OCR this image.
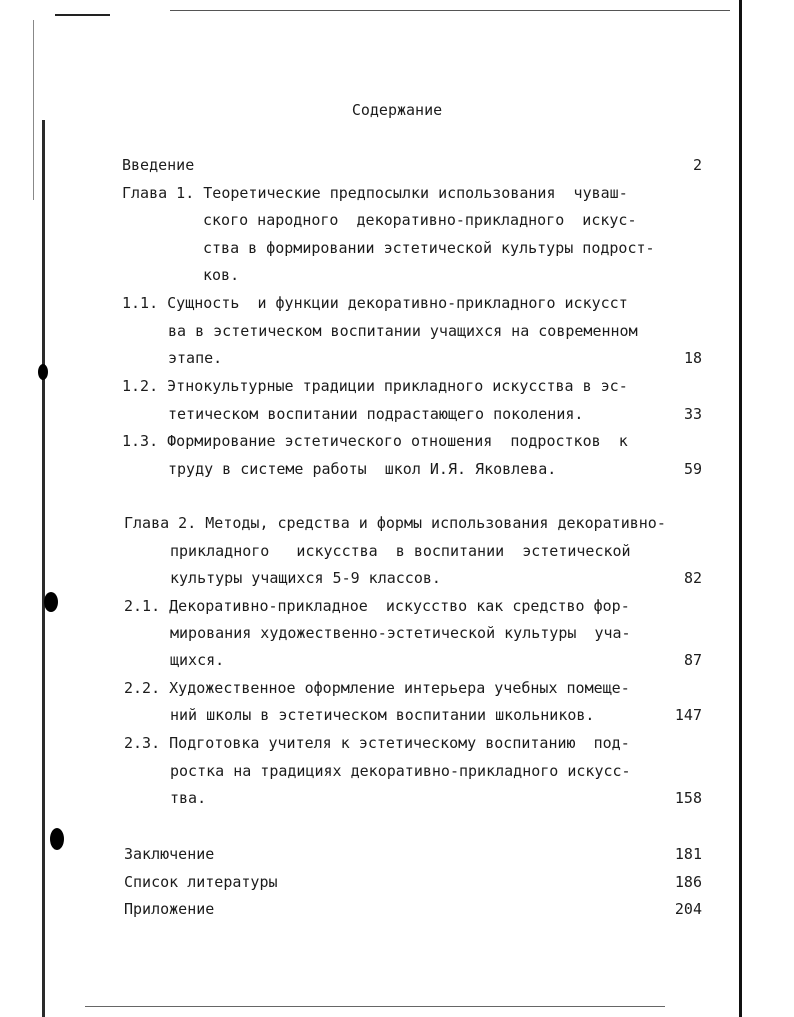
Содержание
Введение	2
Глава 1. Теоретические предпосылки использования  чуваш-
ского народного  декоративно-прикладного  искус-
ства в формировании эстетической культуры подрост-
ков.
1.1. Сущность  и функции декоративно-прикладного искусст
ва в эстетическом воспитании учащихся на современном
этапе.	18
1.2. Этнокультурные традиции прикладного искусства в эс-
тетическом воспитании подрастающего поколения.	33
1.3. Формирование эстетического отношения  подростков  к
труду в системе работы  школ И.Я. Яковлева.	59
Глава 2. Методы, средства и формы использования декоративно-
прикладного   искусства  в воспитании  эстетической
культуры учащихся 5-9 классов.	82
2.1. Декоративно-прикладное  искусство как средство фор-
мирования художественно-эстетической культуры  уча-
щихся.	87
2.2. Художественное оформление интерьера учебных помеще-
ний школы в эстетическом воспитании школьников.	147
2.3. Подготовка учителя к эстетическому воспитанию  под-
ростка на традициях декоративно-прикладного искусс-
тва.	158
Заключение	181
Список литературы	186
Приложение	204
